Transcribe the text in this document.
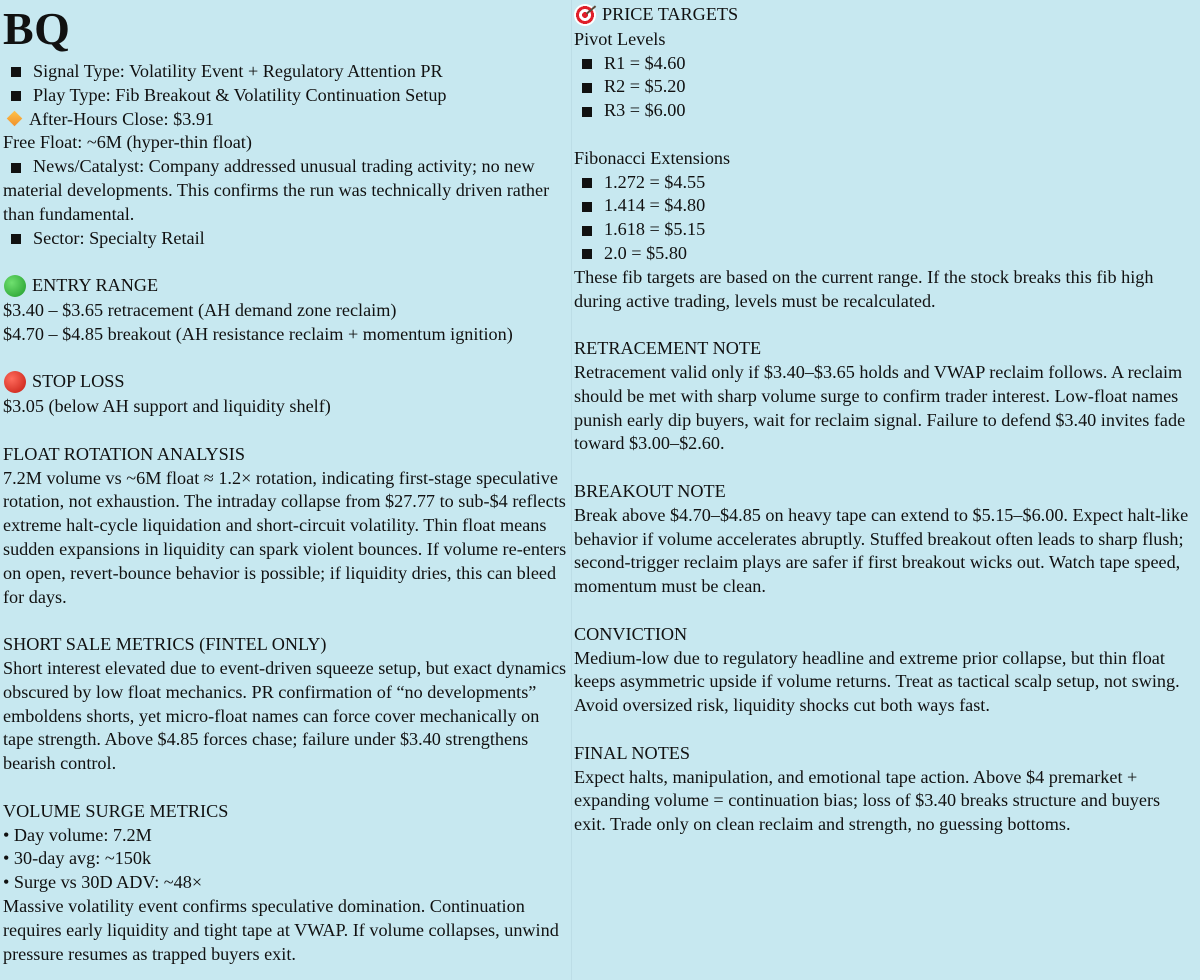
BQ
Signal Type: Volatility Event + Regulatory Attention PR
Play Type: Fib Breakout & Volatility Continuation Setup
After-Hours Close: $3.91
Free Float: ~6M (hyper-thin float)
News/Catalyst: Company addressed unusual trading activity; no new material developments. This confirms the run was technically driven rather than fundamental.
Sector: Specialty Retail
ENTRY RANGE
$3.40 – $3.65 retracement (AH demand zone reclaim)
$4.70 – $4.85 breakout (AH resistance reclaim + momentum ignition)
STOP LOSS
$3.05 (below AH support and liquidity shelf)
FLOAT ROTATION ANALYSIS
7.2M volume vs ~6M float ≈ 1.2× rotation, indicating first-stage speculative rotation, not exhaustion. The intraday collapse from $27.77 to sub-$4 reflects extreme halt-cycle liquidation and short-circuit volatility. Thin float means sudden expansions in liquidity can spark violent bounces. If volume re-enters on open, revert-bounce behavior is possible; if liquidity dries, this can bleed for days.
SHORT SALE METRICS (FINTEL ONLY)
Short interest elevated due to event-driven squeeze setup, but exact dynamics obscured by low float mechanics. PR confirmation of “no developments” emboldens shorts, yet micro-float names can force cover mechanically on tape strength. Above $4.85 forces chase; failure under $3.40 strengthens bearish control.
VOLUME SURGE METRICS
• Day volume: 7.2M
• 30-day avg: ~150k
• Surge vs 30D ADV: ~48×
Massive volatility event confirms speculative domination. Continuation requires early liquidity and tight tape at VWAP. If volume collapses, unwind pressure resumes as trapped buyers exit.
PRICE TARGETS
Pivot Levels
R1 = $4.60
R2 = $5.20
R3 = $6.00
Fibonacci Extensions
1.272 = $4.55
1.414 = $4.80
1.618 = $5.15
2.0 = $5.80
These fib targets are based on the current range. If the stock breaks this fib high during active trading, levels must be recalculated.
RETRACEMENT NOTE
Retracement valid only if $3.40–$3.65 holds and VWAP reclaim follows. A reclaim should be met with sharp volume surge to confirm trader interest. Low-float names punish early dip buyers, wait for reclaim signal. Failure to defend $3.40 invites fade toward $3.00–$2.60.
BREAKOUT NOTE
Break above $4.70–$4.85 on heavy tape can extend to $5.15–$6.00. Expect halt-like behavior if volume accelerates abruptly. Stuffed breakout often leads to sharp flush; second-trigger reclaim plays are safer if first breakout wicks out. Watch tape speed, momentum must be clean.
CONVICTION
Medium-low due to regulatory headline and extreme prior collapse, but thin float keeps asymmetric upside if volume returns. Treat as tactical scalp setup, not swing. Avoid oversized risk, liquidity shocks cut both ways fast.
FINAL NOTES
Expect halts, manipulation, and emotional tape action. Above $4 premarket + expanding volume = continuation bias; loss of $3.40 breaks structure and buyers exit. Trade only on clean reclaim and strength, no guessing bottoms.
